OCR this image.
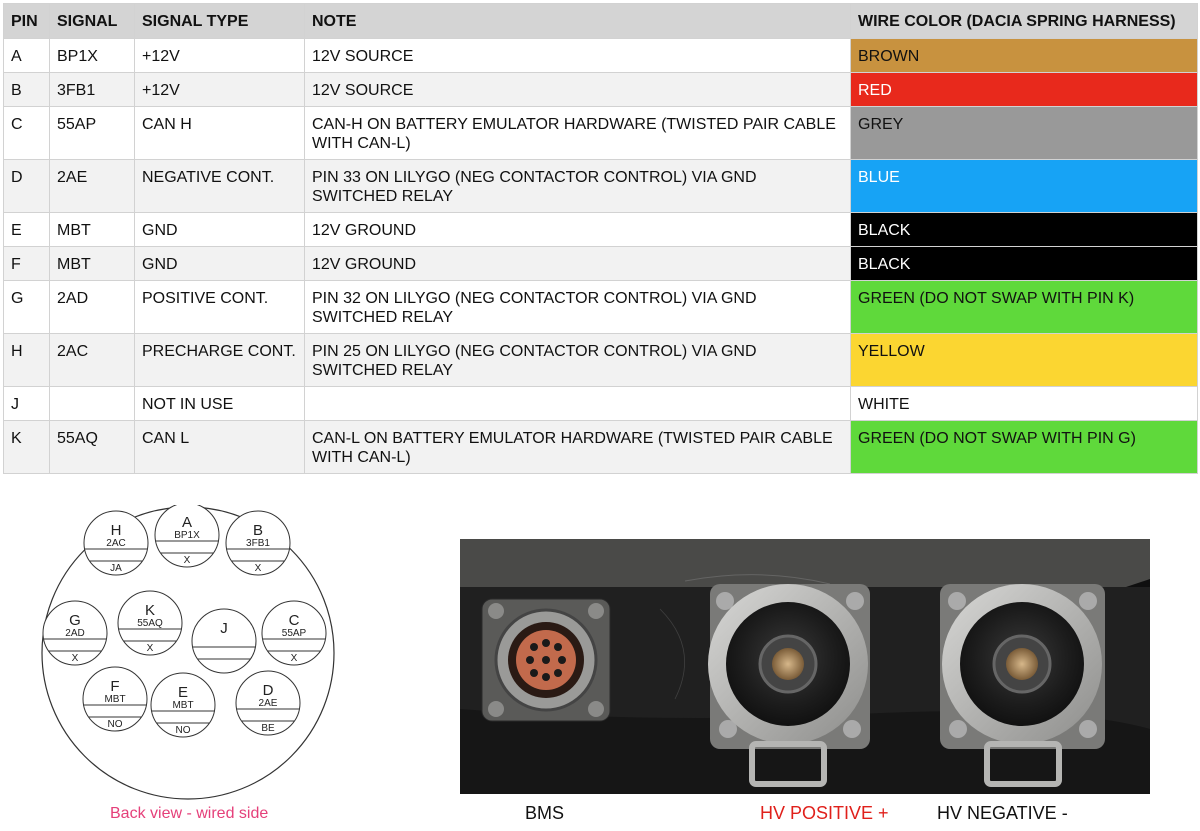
PIN	SIGNAL	SIGNAL TYPE	NOTE	WIRE COLOR (DACIA SPRING HARNESS)
A	BP1X	+12V	12V SOURCE	BROWN
B	3FB1	+12V	12V SOURCE	RED
C	55AP	CAN H	CAN-H ON BATTERY EMULATOR HARDWARE (TWISTED PAIR CABLE WITH CAN-L)	GREY
D	2AE	NEGATIVE CONT.	PIN 33 ON LILYGO (NEG CONTACTOR CONTROL) VIA GND SWITCHED RELAY	BLUE
E	MBT	GND	12V GROUND	BLACK
F	MBT	GND	12V GROUND	BLACK
G	2AD	POSITIVE CONT.	PIN 32 ON LILYGO (NEG CONTACTOR CONTROL) VIA GND SWITCHED RELAY	GREEN (DO NOT SWAP WITH PIN K)
H	2AC	PRECHARGE CONT.	PIN 25 ON LILYGO (NEG CONTACTOR CONTROL) VIA GND SWITCHED RELAY	YELLOW
J		NOT IN USE		WHITE
K	55AQ	CAN L	CAN-L ON BATTERY EMULATOR HARDWARE (TWISTED PAIR CABLE WITH CAN-L)	GREEN (DO NOT SWAP WITH PIN G)
H
2AC
JA
A
BP1X
X
B
3FB1
X
G
2AD
X
K
55AQ
X
J	C
55AP
X
F
MBT
NO
E
MBT
NO
D
2AE
BE
Back view - wired side	BMS	HV POSITIVE +	HV NEGATIVE -
